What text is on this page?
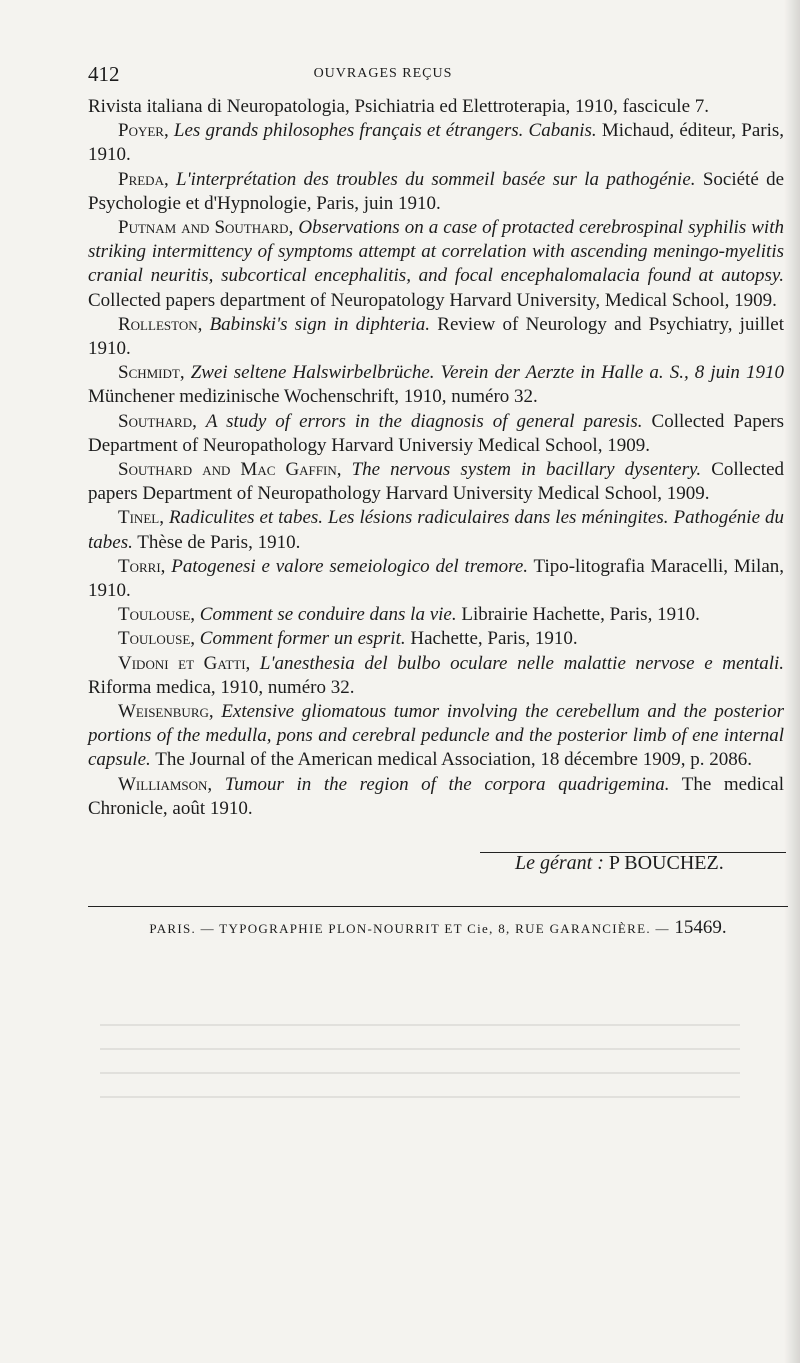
412	OUVRAGES REÇUS

Rivista italiana di Neuropatologia, Psichiatria ed Elettroterapia, 1910, fascicule 7.

Poyer, Les grands philosophes français et étrangers. Cabanis. Michaud, éditeur, Paris, 1910.

Preda, L'interprétation des troubles du sommeil basée sur la pathogénie. Société de Psychologie et d'Hypnologie, Paris, juin 1910.

Putnam and Southard, Observations on a case of protacted cerebrospinal syphilis with striking intermittency of symptoms attempt at correlation with ascending meningo-myelitis cranial neuritis, subcortical encephalitis, and focal encephalomalacia found at autopsy. Collected papers department of Neuropatology Harvard University, Medical School, 1909.

Rolleston, Babinski's sign in diphteria. Review of Neurology and Psychiatry, juillet 1910.

Schmidt, Zwei seltene Halswirbelbrüche. Verein der Aerzte in Halle a. S., 8 juin 1910 Münchener medizinische Wochenschrift, 1910, numéro 32.

Southard, A study of errors in the diagnosis of general paresis. Collected Papers Department of Neuropathology Harvard Universiy Medical School, 1909.

Southard and Mac Gaffin, The nervous system in bacillary dysentery. Collected papers Department of Neuropathology Harvard University Medical School, 1909.

Tinel, Radiculites et tabes. Les lésions radiculaires dans les méningites. Pathogénie du tabes. Thèse de Paris, 1910.

Torri, Patogenesi e valore semeiologico del tremore. Tipo-litografia Maracelli, Milan, 1910.

Toulouse, Comment se conduire dans la vie. Librairie Hachette, Paris, 1910.

Toulouse, Comment former un esprit. Hachette, Paris, 1910.

Vidoni et Gatti, L'anesthesia del bulbo oculare nelle malattie nervose e mentali. Riforma medica, 1910, numéro 32.

Weisenburg, Extensive gliomatous tumor involving the cerebellum and the posterior portions of the medulla, pons and cerebral peduncle and the posterior limb of ene internal capsule. The Journal of the American medical Association, 18 décembre 1909, p. 2086.

Williamson, Tumour in the region of the corpora quadrigemina. The medical Chronicle, août 1910.

Le gérant : P BOUCHEZ.
PARIS. — TYPOGRAPHIE PLON-NOURRIT ET Cie, 8, RUE GARANCIÈRE. — 15469.
